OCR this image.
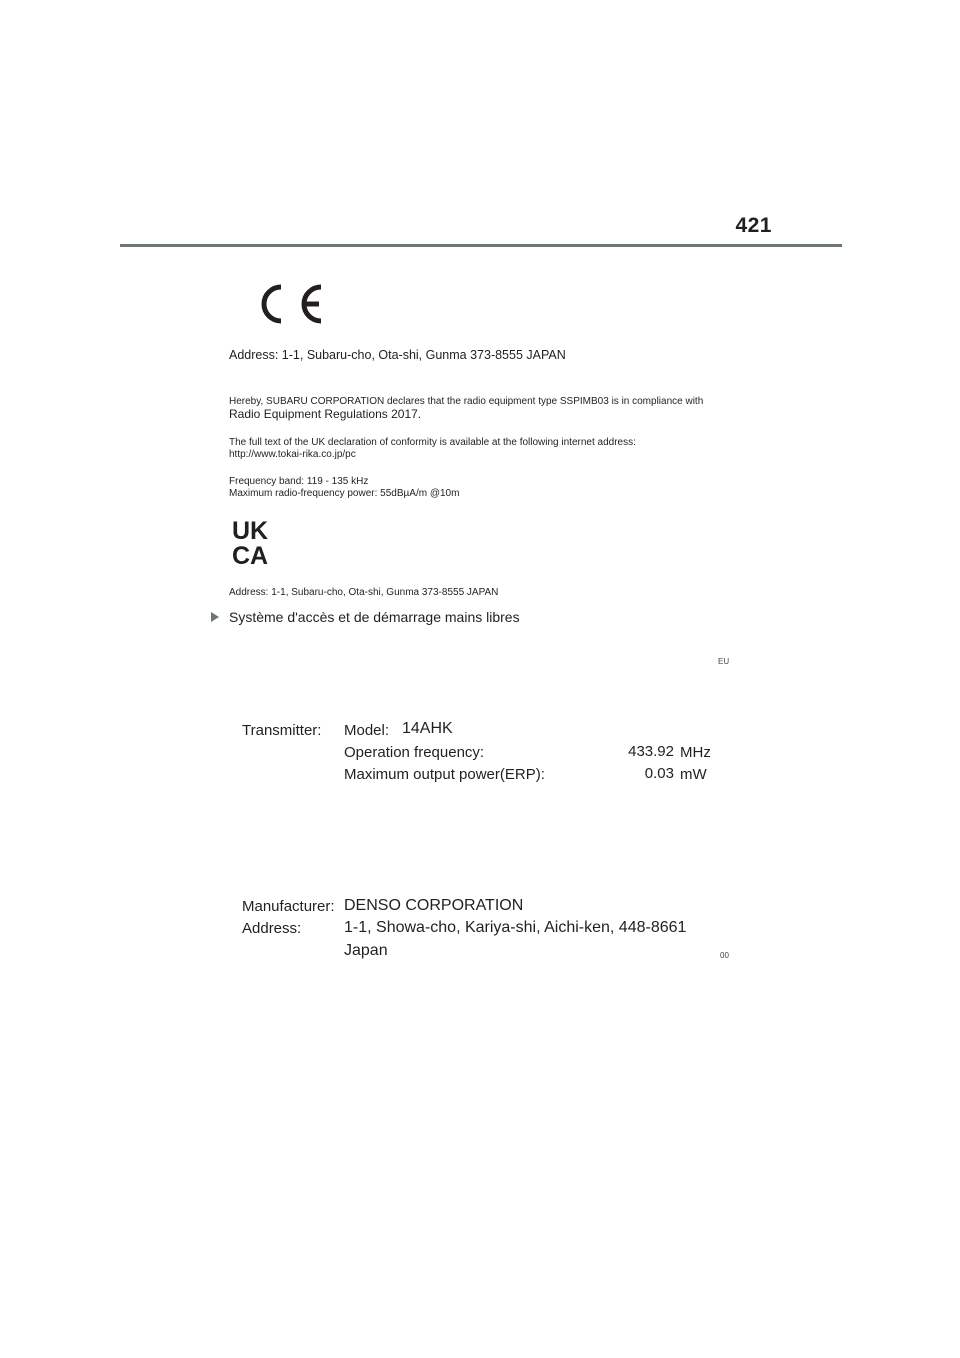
421
Address: 1-1, Subaru-cho, Ota-shi, Gunma 373-8555 JAPAN
Hereby, SUBARU CORPORATION declares that the radio equipment type SSPIMB03 is in compliance with
Radio Equipment Regulations 2017.
The full text of the UK declaration of conformity is available at the following internet address:
http://www.tokai-rika.co.jp/pc
Frequency band: 119 - 135 kHz
Maximum radio-frequency power: 55dBµA/m @10m
UK
CA
Address: 1-1, Subaru-cho, Ota-shi, Gunma 373-8555 JAPAN
Système d'accès et de démarrage mains libres
EU
Transmitter: Model: 14AHK
Operation frequency:	433.92 MHz
Maximum output power(ERP):	0.03 mW
Manufacturer: DENSO CORPORATION
Address:	1-1, Showa-cho, Kariya-shi, Aichi-ken, 448-8661
Japan	00
